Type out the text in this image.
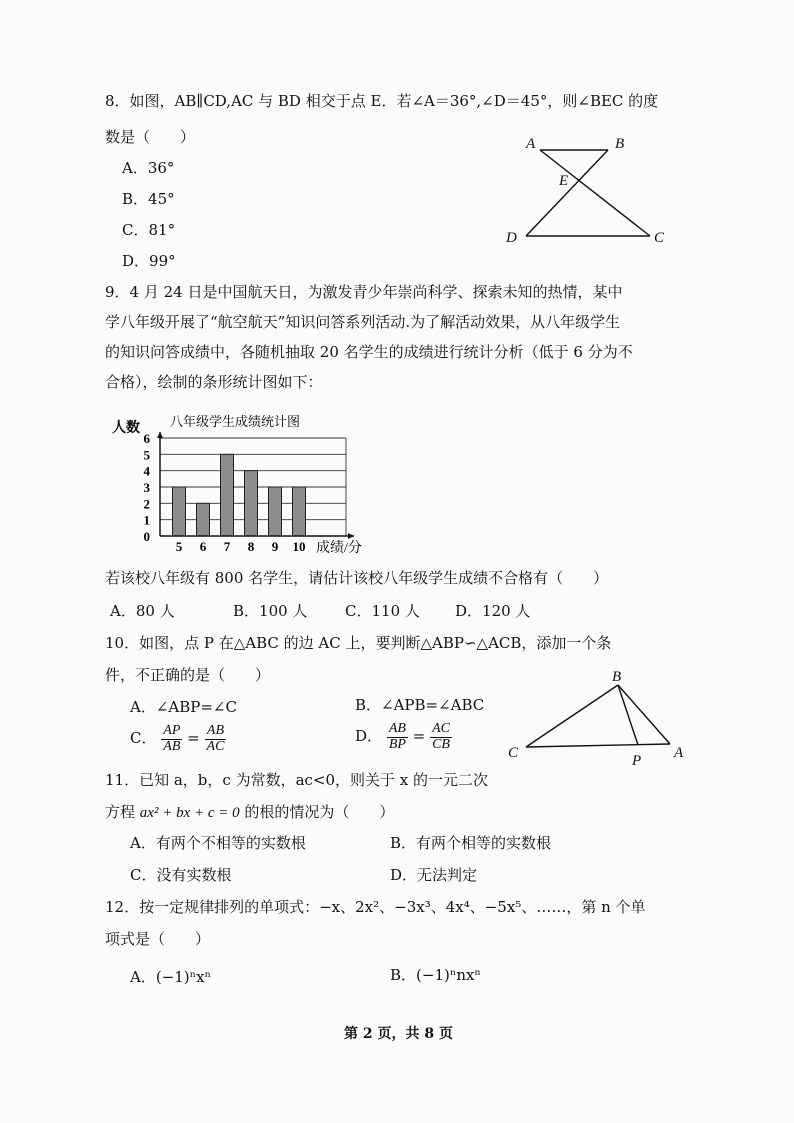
8．如图，AB∥CD,AC 与 BD 相交于点 E．若∠A＝36°,∠D＝45°，则∠BEC 的度
数是（　　）
A．36°
B．45°
C．81°
D．99°
A	B
E
D	C
9．4 月 24 日是中国航天日，为激发青少年崇尚科学、探索未知的热情，某中
学八年级开展了“航空航天”知识问答系列活动.为了解活动效果，从八年级学生
的知识问答成绩中，各随机抽取 20 名学生的成绩进行统计分析（低于 6 分为不
合格），绘制的条形统计图如下：
0
1
2
3
4
5
6
5 6 7 8 9 10
人数 八年级学生成绩统计图
成绩/分
若该校八年级有 800 名学生，请估计该校八年级学生成绩不合格有（　　）
A．80 人	B．100 人	C．110 人 D．120 人
10．如图，点 P 在△ABC 的边 AC 上，要判断△ABP∽△ACB，添加一个条
件，不正确的是（　　）
A．∠ABP=∠C	B．∠APB=∠ABC
C． $\frac{AP}{AB} = \frac{AB}{AC}$	D． $\frac{AB}{BP} = \frac{AC}{CB}$
B
C	P A
11．已知 a，b，c 为常数，ac<0，则关于 x 的一元二次
方程 ax² + bx + c = 0 的根的情况为（　　）
A．有两个不相等的实数根	B．有两个相等的实数根
C．没有实数根	D．无法判定
12．按一定规律排列的单项式：−x、2x²、−3x³、4x⁴、−5x⁵、……，第 n 个单
项式是（　　）
A．(−1)ⁿxⁿ	B．(−1)ⁿnxⁿ
第 2 页，共 8 页
